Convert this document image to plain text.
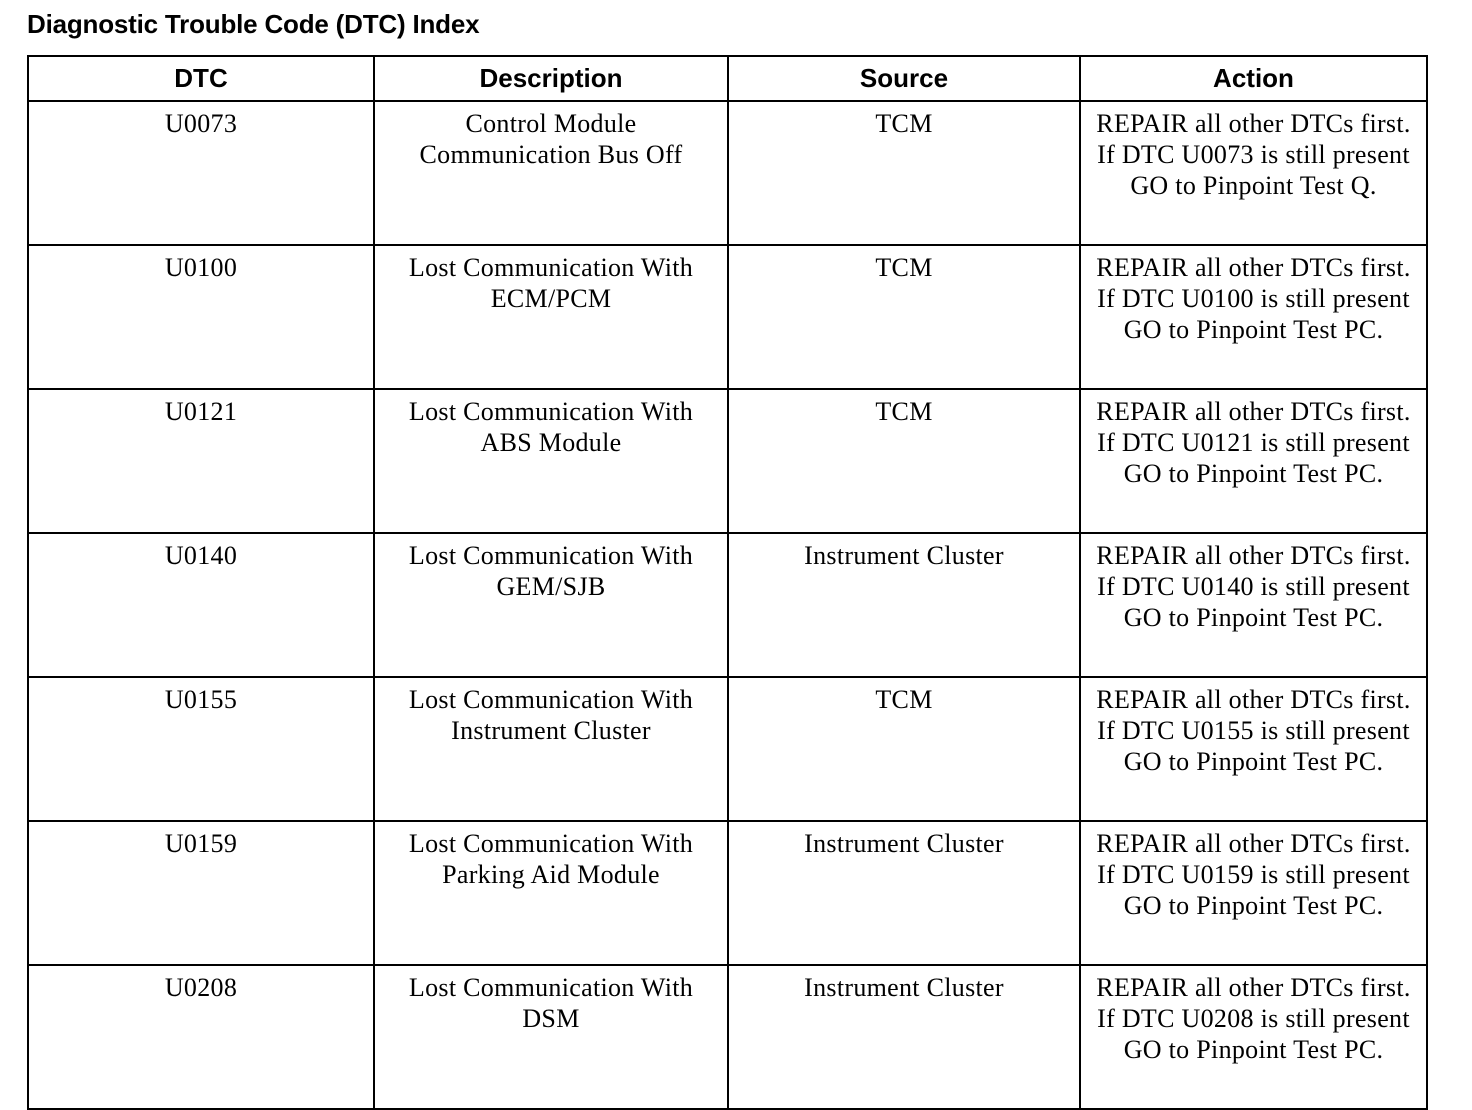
Diagnostic Trouble Code (DTC) Index
DTC	Description	Source	Action
U0073	Control Module Communication Bus Off	TCM	REPAIR all other DTCs first. If DTC U0073 is still present GO to Pinpoint Test Q.
U0100	Lost Communication With ECM/PCM	TCM	REPAIR all other DTCs first. If DTC U0100 is still present GO to Pinpoint Test PC.
U0121	Lost Communication With ABS Module	TCM	REPAIR all other DTCs first. If DTC U0121 is still present GO to Pinpoint Test PC.
U0140	Lost Communication With GEM/SJB	Instrument Cluster	REPAIR all other DTCs first. If DTC U0140 is still present GO to Pinpoint Test PC.
U0155	Lost Communication With Instrument Cluster	TCM	REPAIR all other DTCs first. If DTC U0155 is still present GO to Pinpoint Test PC.
U0159	Lost Communication With Parking Aid Module	Instrument Cluster	REPAIR all other DTCs first. If DTC U0159 is still present GO to Pinpoint Test PC.
U0208	Lost Communication With DSM	Instrument Cluster	REPAIR all other DTCs first. If DTC U0208 is still present GO to Pinpoint Test PC.
